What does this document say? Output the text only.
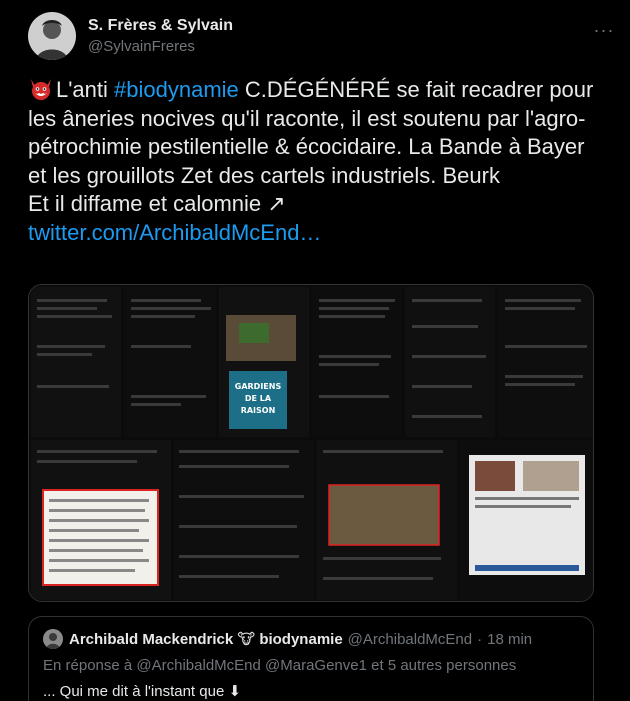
S. Frères & Sylvain
@SylvainFreres
···
L'anti #biodynamie C.DÉGÉNÉRÉ se fait recadrer pour les âneries nocives qu'il raconte, il est soutenu par l'agro-pétrochimie pestilentielle & écocidaire. La Bande à Bayer et les grouillots Zet des cartels industriels. Beurk
Et il diffame et calomnie ↗
twitter.com/ArchibaldMcEnd…
GARDIENS
DE LA
RAISON
Archibald Mackendrick 🐮 biodynamie @ArchibaldMcEnd · 18 min
En réponse à @ArchibaldMcEnd @MaraGenve1 et 5 autres personnes
... Qui me dit à l'instant que ⬇
